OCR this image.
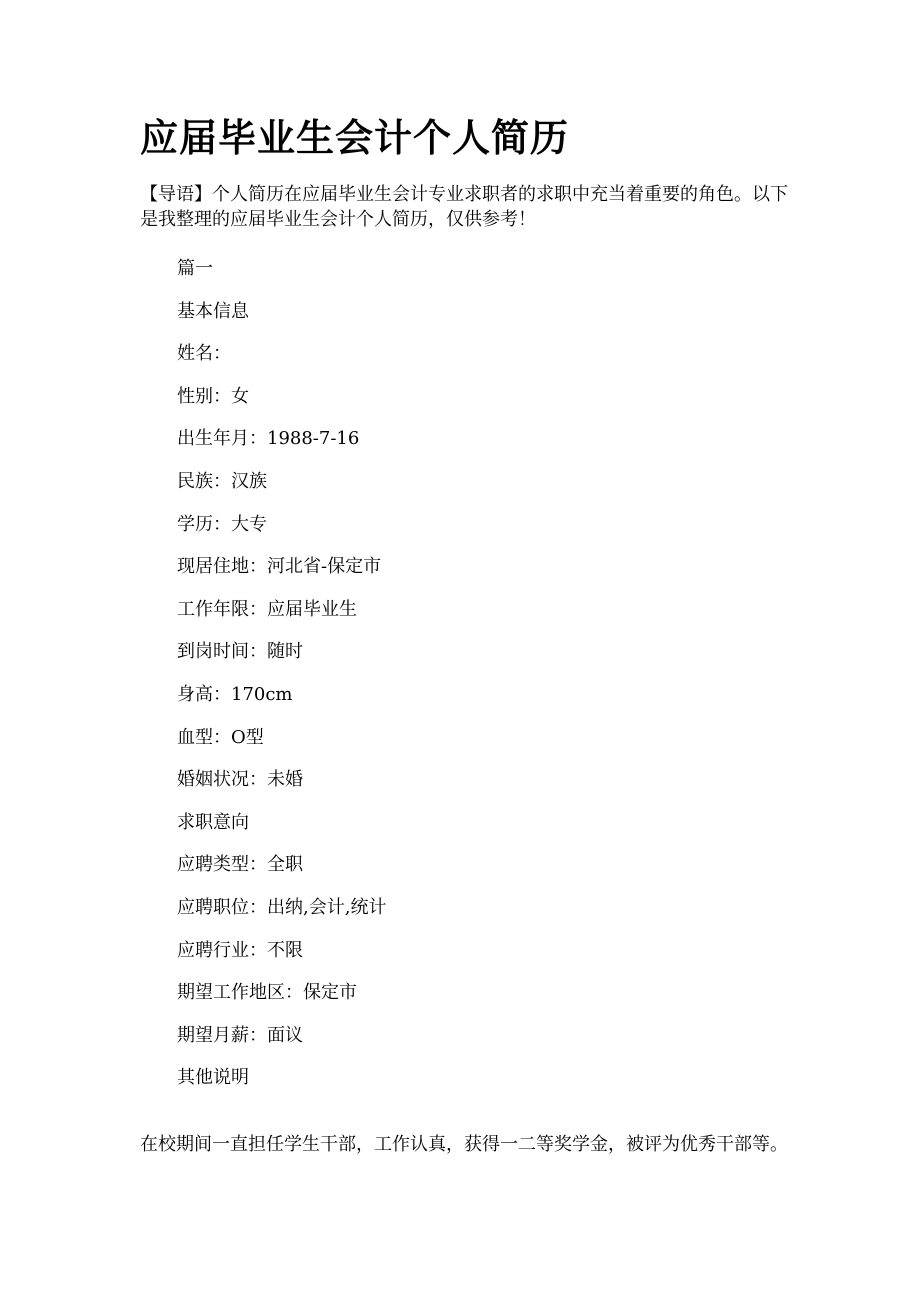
应届毕业生会计个人简历

【导语】个人简历在应届毕业生会计专业求职者的求职中充当着重要的角色。以下是我整理的应届毕业生会计个人简历，仅供参考！

篇一
基本信息
姓名：
性别：女
出生年月：1988-7-16
民族：汉族
学历：大专
现居住地：河北省-保定市
工作年限：应届毕业生
到岗时间：随时
身高：170cm
血型：O型
婚姻状况：未婚
求职意向
应聘类型：全职
应聘职位：出纳,会计,统计
应聘行业：不限
期望工作地区：保定市
期望月薪：面议
其他说明

在校期间一直担任学生干部，工作认真，获得一二等奖学金，被评为优秀干部等。
